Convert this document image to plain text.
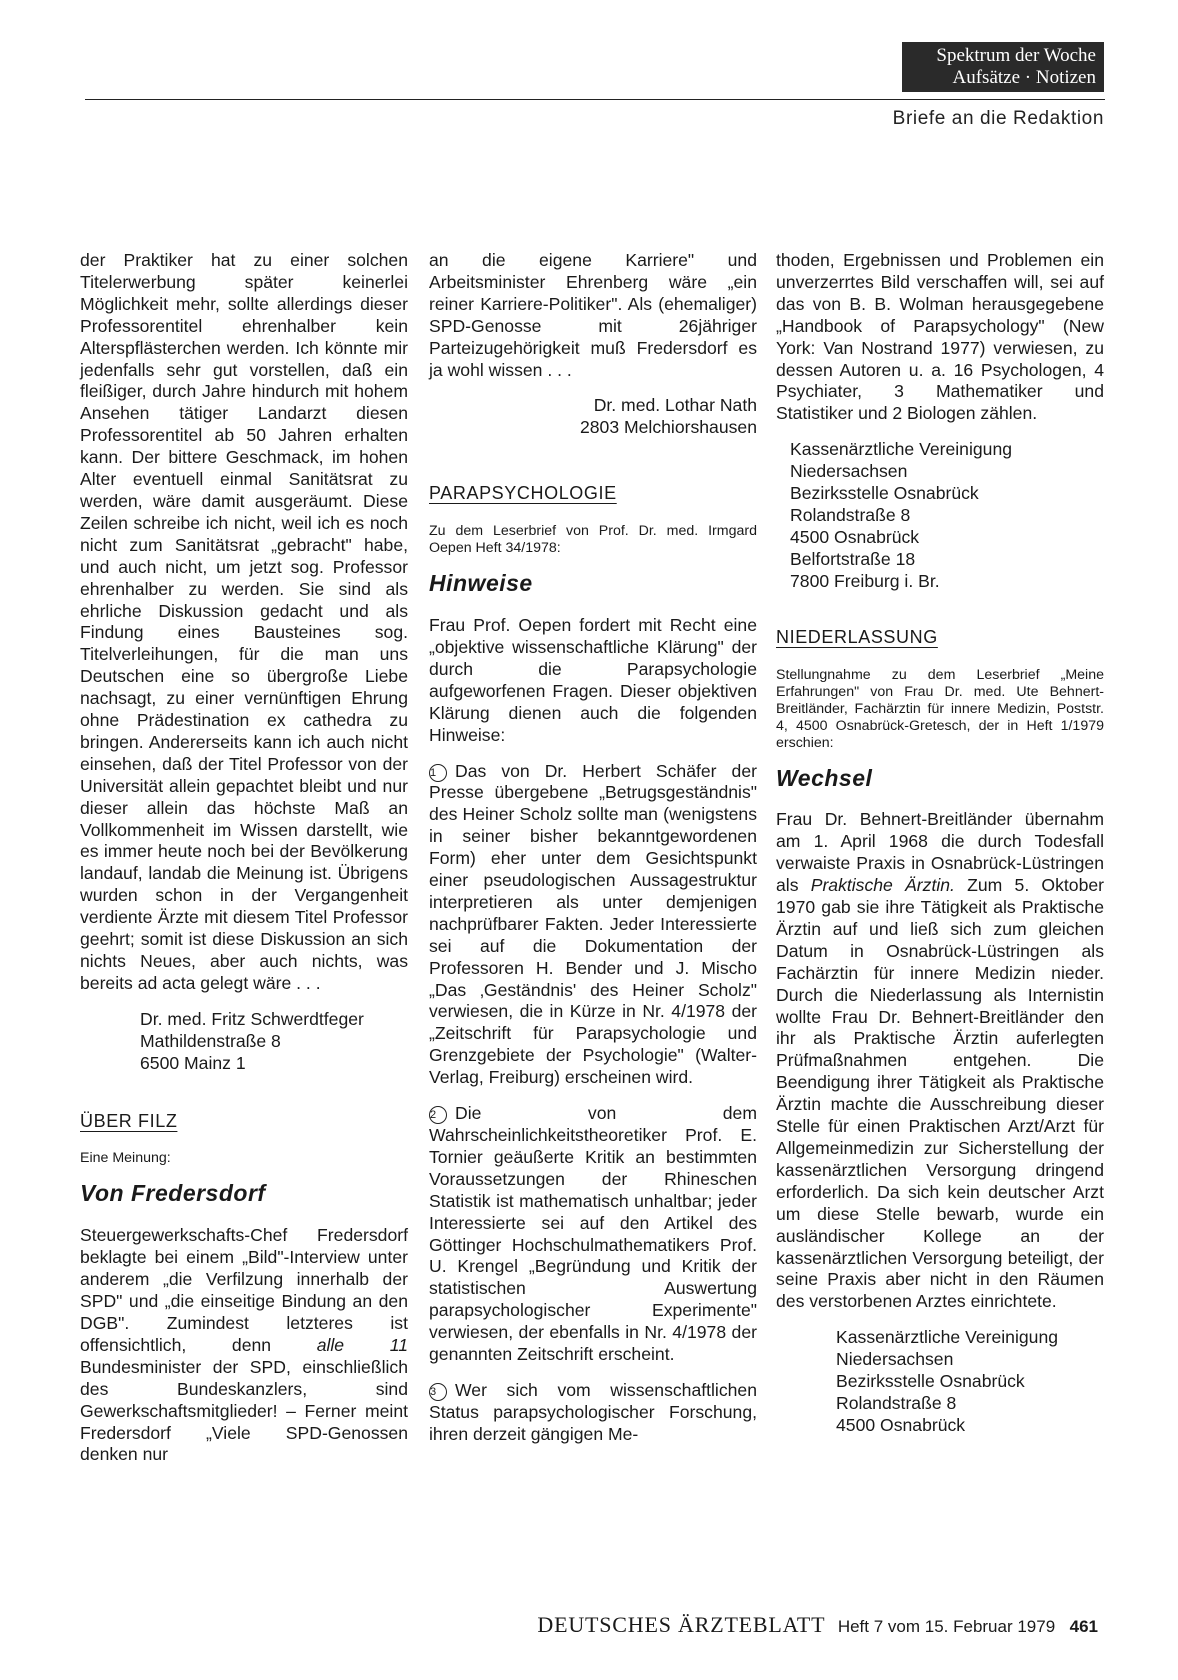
Spektrum der Woche
Aufsätze · Notizen
Briefe an die Redaktion

der Praktiker hat zu einer solchen Titelerwerbung später keinerlei Möglichkeit mehr, sollte allerdings dieser Professorentitel ehrenhalber kein Alterspflästerchen werden. Ich könnte mir jedenfalls sehr gut vorstellen, daß ein fleißiger, durch Jahre hindurch mit hohem Ansehen tätiger Landarzt diesen Professorentitel ab 50 Jahren erhalten kann. Der bittere Geschmack, im hohen Alter eventuell einmal Sanitätsrat zu werden, wäre damit ausgeräumt. Diese Zeilen schreibe ich nicht, weil ich es noch nicht zum Sanitätsrat „gebracht" habe, und auch nicht, um jetzt sog. Professor ehrenhalber zu werden. Sie sind als ehrliche Diskussion gedacht und als Findung eines Bausteines sog. Titelverleihungen, für die man uns Deutschen eine so übergroße Liebe nachsagt, zu einer vernünftigen Ehrung ohne Prädestination ex cathedra zu bringen. Andererseits kann ich auch nicht einsehen, daß der Titel Professor von der Universität allein gepachtet bleibt und nur dieser allein das höchste Maß an Vollkommenheit im Wissen darstellt, wie es immer heute noch bei der Bevölkerung landauf, landab die Meinung ist. Übrigens wurden schon in der Vergangenheit verdiente Ärzte mit diesem Titel Professor geehrt; somit ist diese Diskussion an sich nichts Neues, aber auch nichts, was bereits ad acta gelegt wäre . . .

Dr. med. Fritz Schwerdtfeger
Mathildenstraße 8
6500 Mainz 1
ÜBER FILZ
Eine Meinung:
Von Fredersdorf

Steuergewerkschafts-Chef Fredersdorf beklagte bei einem „Bild"-Interview unter anderem „die Verfilzung innerhalb der SPD" und „die einseitige Bindung an den DGB". Zumindest letzteres ist offensichtlich, denn alle 11 Bundesminister der SPD, einschließlich des Bundeskanzlers, sind Gewerkschaftsmitglieder! – Ferner meint Fredersdorf „Viele SPD-Genossen denken nur

an die eigene Karriere" und Arbeitsminister Ehrenberg wäre „ein reiner Karriere-Politiker". Als (ehemaliger) SPD-Genosse mit 26jähriger Parteizugehörigkeit muß Fredersdorf es ja wohl wissen . . .

Dr. med. Lothar Nath
2803 Melchiorshausen
PARAPSYCHOLOGIE
Zu dem Leserbrief von Prof. Dr. med. Irmgard Oepen Heft 34/1978:
Hinweise

Frau Prof. Oepen fordert mit Recht eine „objektive wissenschaftliche Klärung" der durch die Parapsychologie aufgeworfenen Fragen. Dieser objektiven Klärung dienen auch die folgenden Hinweise:

1 Das von Dr. Herbert Schäfer der Presse übergebene „Betrugsgeständnis" des Heiner Scholz sollte man (wenigstens in seiner bisher bekanntgewordenen Form) eher unter dem Gesichtspunkt einer pseudologischen Aussagestruktur interpretieren als unter demjenigen nachprüfbarer Fakten. Jeder Interessierte sei auf die Dokumentation der Professoren H. Bender und J. Mischo „Das ‚Geständnis' des Heiner Scholz" verwiesen, die in Kürze in Nr. 4/1978 der „Zeitschrift für Parapsychologie und Grenzgebiete der Psychologie" (Walter-Verlag, Freiburg) erscheinen wird.

2 Die von dem Wahrscheinlichkeitstheoretiker Prof. E. Tornier geäußerte Kritik an bestimmten Voraussetzungen der Rhineschen Statistik ist mathematisch unhaltbar; jeder Interessierte sei auf den Artikel des Göttinger Hochschulmathematikers Prof. U. Krengel „Begründung und Kritik der statistischen Auswertung parapsychologischer Experimente" verwiesen, der ebenfalls in Nr. 4/1978 der genannten Zeitschrift erscheint.

3 Wer sich vom wissenschaftlichen Status parapsychologischer Forschung, ihren derzeit gängigen Me-

thoden, Ergebnissen und Problemen ein unverzerrtes Bild verschaffen will, sei auf das von B. B. Wolman herausgegebene „Handbook of Parapsychology" (New York: Van Nostrand 1977) verwiesen, zu dessen Autoren u. a. 16 Psychologen, 4 Psychiater, 3 Mathematiker und Statistiker und 2 Biologen zählen.

Kassenärztliche Vereinigung
Niedersachsen
Bezirksstelle Osnabrück
Rolandstraße 8
4500 Osnabrück
Belfortstraße 18
7800 Freiburg i. Br.
NIEDERLASSUNG
Stellungnahme zu dem Leserbrief „Meine Erfahrungen" von Frau Dr. med. Ute Behnert-Breitländer, Fachärztin für innere Medizin, Poststr. 4, 4500 Osnabrück-Gretesch, der in Heft 1/1979 erschien:
Wechsel

Frau Dr. Behnert-Breitländer übernahm am 1. April 1968 die durch Todesfall verwaiste Praxis in Osnabrück-Lüstringen als Praktische Ärztin. Zum 5. Oktober 1970 gab sie ihre Tätigkeit als Praktische Ärztin auf und ließ sich zum gleichen Datum in Osnabrück-Lüstringen als Fachärztin für innere Medizin nieder. Durch die Niederlassung als Internistin wollte Frau Dr. Behnert-Breitländer den ihr als Praktische Ärztin auferlegten Prüfmaßnahmen entgehen. Die Beendigung ihrer Tätigkeit als Praktische Ärztin machte die Ausschreibung dieser Stelle für einen Praktischen Arzt/Arzt für Allgemeinmedizin zur Sicherstellung der kassenärztlichen Versorgung dringend erforderlich. Da sich kein deutscher Arzt um diese Stelle bewarb, wurde ein ausländischer Kollege an der kassenärztlichen Versorgung beteiligt, der seine Praxis aber nicht in den Räumen des verstorbenen Arztes einrichtete.

Kassenärztliche Vereinigung
Niedersachsen
Bezirksstelle Osnabrück
Rolandstraße 8
4500 Osnabrück
DEUTSCHES ÄRZTEBLATT Heft 7 vom 15. Februar 1979 461
